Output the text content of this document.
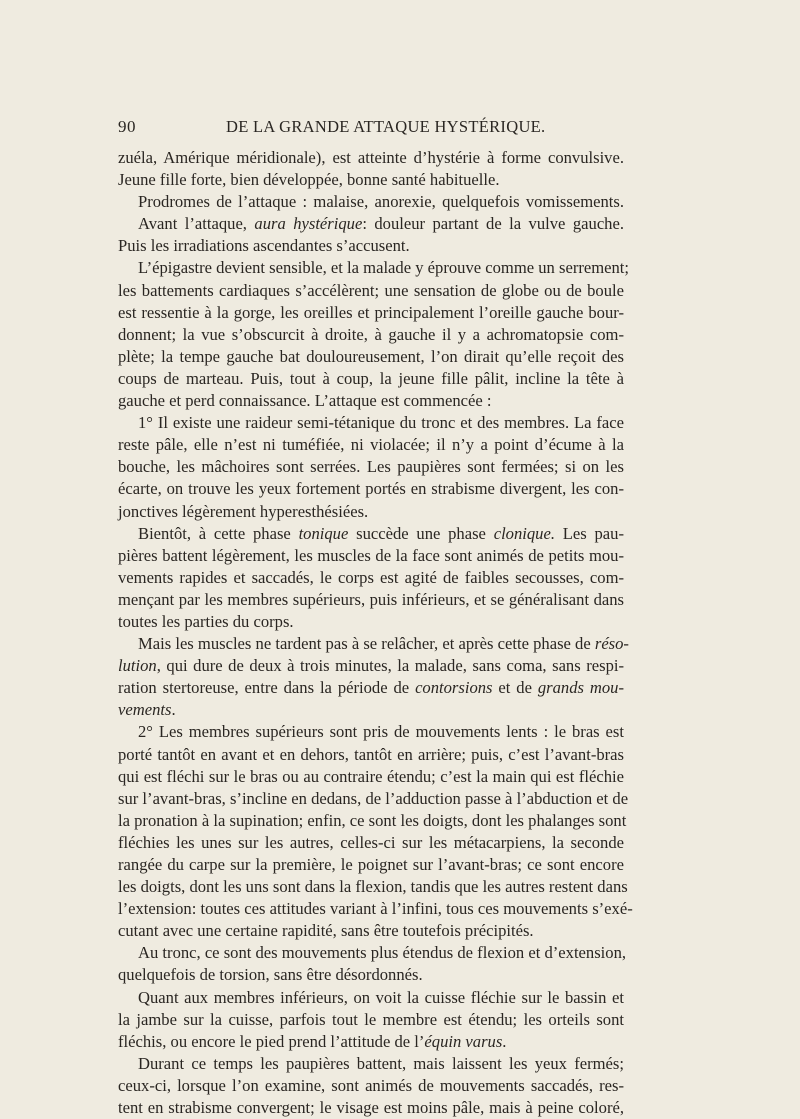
90	DE LA GRANDE ATTAQUE HYSTÉRIQUE.
zuéla, Amérique méridionale), est atteinte d’hystérie à forme convulsive.
Jeune fille forte, bien développée, bonne santé habituelle.
Prodromes de l’attaque : malaise, anorexie, quelquefois vomissements.
Avant l’attaque, aura hystérique: douleur partant de la vulve gauche.
Puis les irradiations ascendantes s’accusent.
L’épigastre devient sensible, et la malade y éprouve comme un serrement;
les battements cardiaques s’accélèrent; une sensation de globe ou de boule
est ressentie à la gorge, les oreilles et principalement l’oreille gauche bour-
donnent; la vue s’obscurcit à droite, à gauche il y a achromatopsie com-
plète; la tempe gauche bat douloureusement, l’on dirait qu’elle reçoit des
coups de marteau. Puis, tout à coup, la jeune fille pâlit, incline la tête à
gauche et perd connaissance. L’attaque est commencée :
1° Il existe une raideur semi-tétanique du tronc et des membres. La face
reste pâle, elle n’est ni tuméfiée, ni violacée; il n’y a point d’écume à la
bouche, les mâchoires sont serrées. Les paupières sont fermées; si on les
écarte, on trouve les yeux fortement portés en strabisme divergent, les con-
jonctives légèrement hyperesthésiées.
Bientôt, à cette phase tonique succède une phase clonique. Les pau-
pières battent légèrement, les muscles de la face sont animés de petits mou-
vements rapides et saccadés, le corps est agité de faibles secousses, com-
mençant par les membres supérieurs, puis inférieurs, et se généralisant dans
toutes les parties du corps.
Mais les muscles ne tardent pas à se relâcher, et après cette phase de réso-
lution, qui dure de deux à trois minutes, la malade, sans coma, sans respi-
ration stertoreuse, entre dans la période de contorsions et de grands mou-
vements.
2° Les membres supérieurs sont pris de mouvements lents : le bras est
porté tantôt en avant et en dehors, tantôt en arrière; puis, c’est l’avant-bras
qui est fléchi sur le bras ou au contraire étendu; c’est la main qui est fléchie
sur l’avant-bras, s’incline en dedans, de l’adduction passe à l’abduction et de
la pronation à la supination; enfin, ce sont les doigts, dont les phalanges sont
fléchies les unes sur les autres, celles-ci sur les métacarpiens, la seconde
rangée du carpe sur la première, le poignet sur l’avant-bras; ce sont encore
les doigts, dont les uns sont dans la flexion, tandis que les autres restent dans
l’extension: toutes ces attitudes variant à l’infini, tous ces mouvements s’exé-
cutant avec une certaine rapidité, sans être toutefois précipités.
Au tronc, ce sont des mouvements plus étendus de flexion et d’extension,
quelquefois de torsion, sans être désordonnés.
Quant aux membres inférieurs, on voit la cuisse fléchie sur le bassin et
la jambe sur la cuisse, parfois tout le membre est étendu; les orteils sont
fléchis, ou encore le pied prend l’attitude de l’équin varus.
Durant ce temps les paupières battent, mais laissent les yeux fermés;
ceux-ci, lorsque l’on examine, sont animés de mouvements saccadés, res-
tent en strabisme convergent; le visage est moins pâle, mais à peine coloré,
